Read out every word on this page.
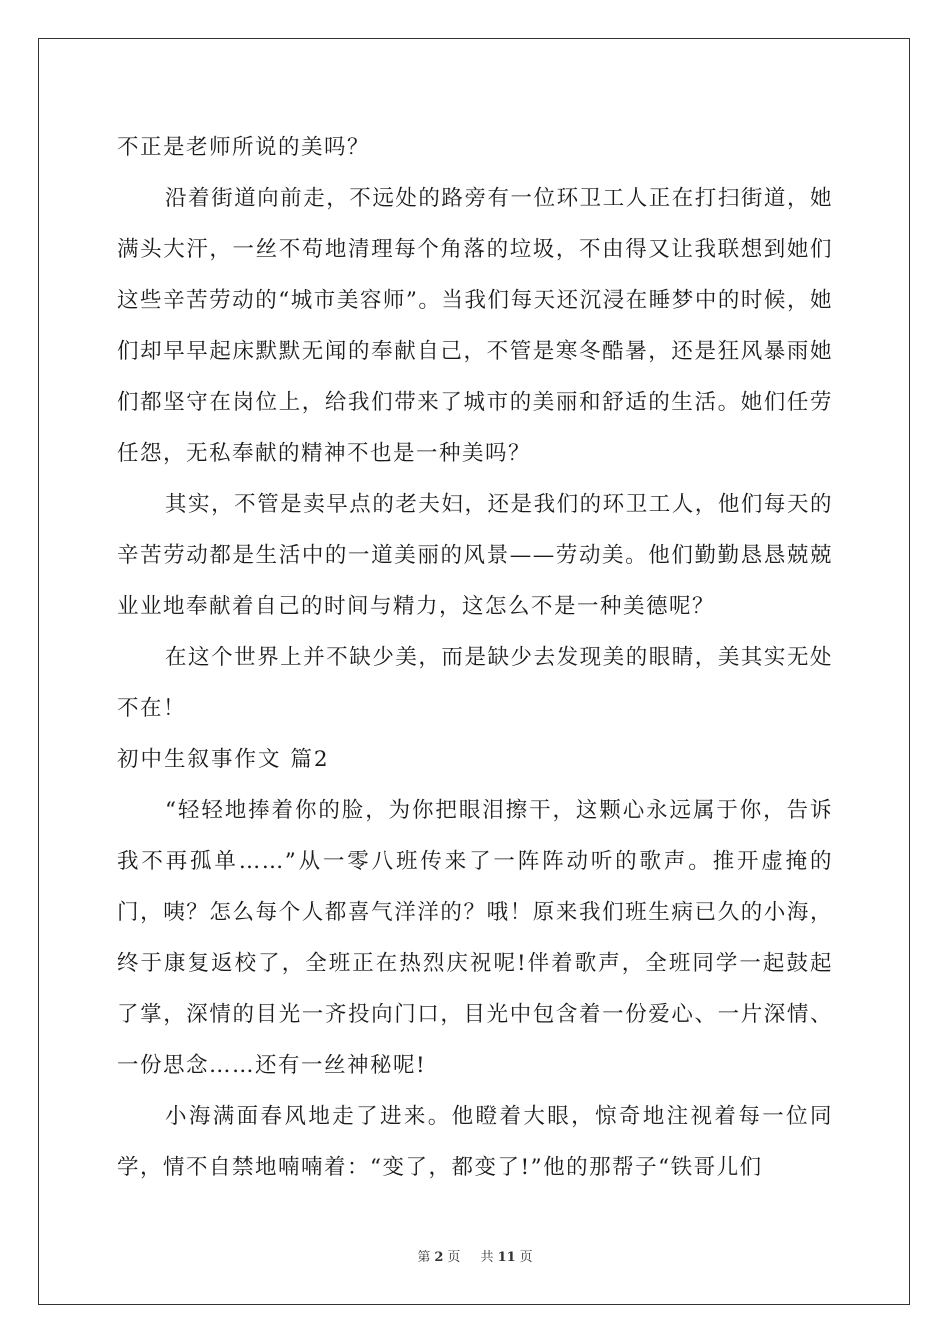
不正是老师所说的美吗？

沿着街道向前走，不远处的路旁有一位环卫工人正在打扫街道，她满头大汗，一丝不苟地清理每个角落的垃圾，不由得又让我联想到她们这些辛苦劳动的“城市美容师”。当我们每天还沉浸在睡梦中的时候，她们却早早起床默默无闻的奉献自己，不管是寒冬酷暑，还是狂风暴雨她们都坚守在岗位上，给我们带来了城市的美丽和舒适的生活。她们任劳任怨，无私奉献的精神不也是一种美吗？

其实，不管是卖早点的老夫妇，还是我们的环卫工人，他们每天的辛苦劳动都是生活中的一道美丽的风景——劳动美。他们勤勤恳恳兢兢业业地奉献着自己的时间与精力，这怎么不是一种美德呢？

在这个世界上并不缺少美，而是缺少去发现美的眼睛，美其实无处不在！

初中生叙事作文 篇2

“轻轻地捧着你的脸，为你把眼泪擦干，这颗心永远属于你，告诉我不再孤单……”从一零八班传来了一阵阵动听的歌声。推开虚掩的门，咦？怎么每个人都喜气洋洋的？哦！原来我们班生病已久的小海，终于康复返校了，全班正在热烈庆祝呢!伴着歌声，全班同学一起鼓起了掌，深情的目光一齐投向门口，目光中包含着一份爱心、一片深情、一份思念……还有一丝神秘呢!

小海满面春风地走了进来。他瞪着大眼，惊奇地注视着每一位同学，情不自禁地喃喃着：“变了，都变了!”他的那帮子“铁哥儿们

第 2 页 共 11 页
